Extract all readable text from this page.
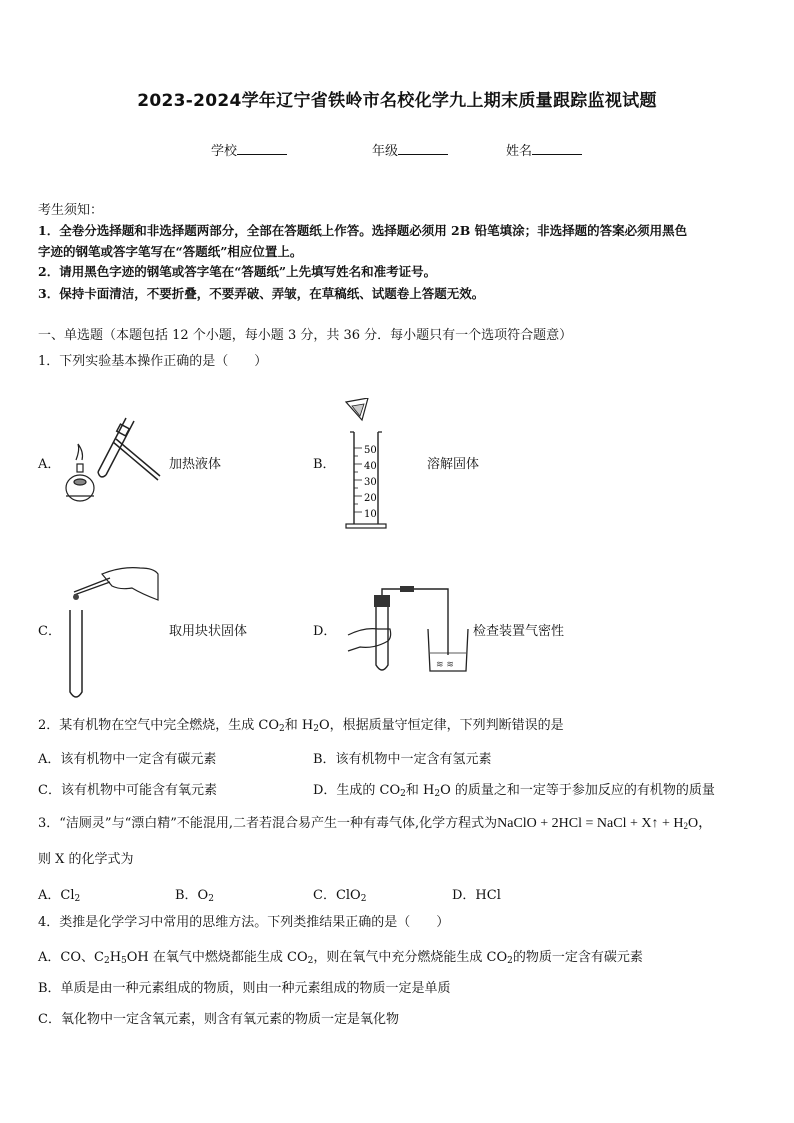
2023-2024学年辽宁省铁岭市名校化学九上期末质量跟踪监视试题
学校	年级	姓名
考生须知：
1．全卷分选择题和非选择题两部分，全部在答题纸上作答。选择题必须用 2B 铅笔填涂；非选择题的答案必须用黑色
字迹的钢笔或答字笔写在“答题纸”相应位置上。
2．请用黑色字迹的钢笔或答字笔在“答题纸”上先填写姓名和准考证号。
3．保持卡面清洁，不要折叠，不要弄破、弄皱，在草稿纸、试题卷上答题无效。
一、单选题（本题包括 12 个小题，每小题 3 分，共 36 分．每小题只有一个选项符合题意）
1．下列实验基本操作正确的是（　　）
A．	加热液体	B．
50
40
30
20
10
溶解固体
C．	取用块状固体	D．
≋ ≋
检查装置气密性
2．某有机物在空气中完全燃烧，生成 $CO_2$和 $H_2O$，根据质量守恒定律，下列判断错误的是
A．该有机物中一定含有碳元素	B．该有机物中一定含有氢元素
C．该有机物中可能含有氧元素	D．生成的 $CO_2$和 $H_2O$ 的质量之和一定等于参加反应的有机物的质量
3．“洁厕灵”与“漂白精”不能混用,二者若混合易产生一种有毒气体,化学方程式为NaClO + 2HCl = NaCl + X↑ + $H_2O$，
则 X 的化学式为
A．$Cl_2$	B．$O_2$	C．ClO$_2$	D．HCl
4．类推是化学学习中常用的思维方法。下列类推结果正确的是（　　）
A．CO、$C_2H_5OH$ 在氧气中燃烧都能生成 $CO_2$，则在氧气中充分燃烧能生成 $CO_2$的物质一定含有碳元素
B．单质是由一种元素组成的物质，则由一种元素组成的物质一定是单质
C．氧化物中一定含氧元素，则含有氧元素的物质一定是氧化物
